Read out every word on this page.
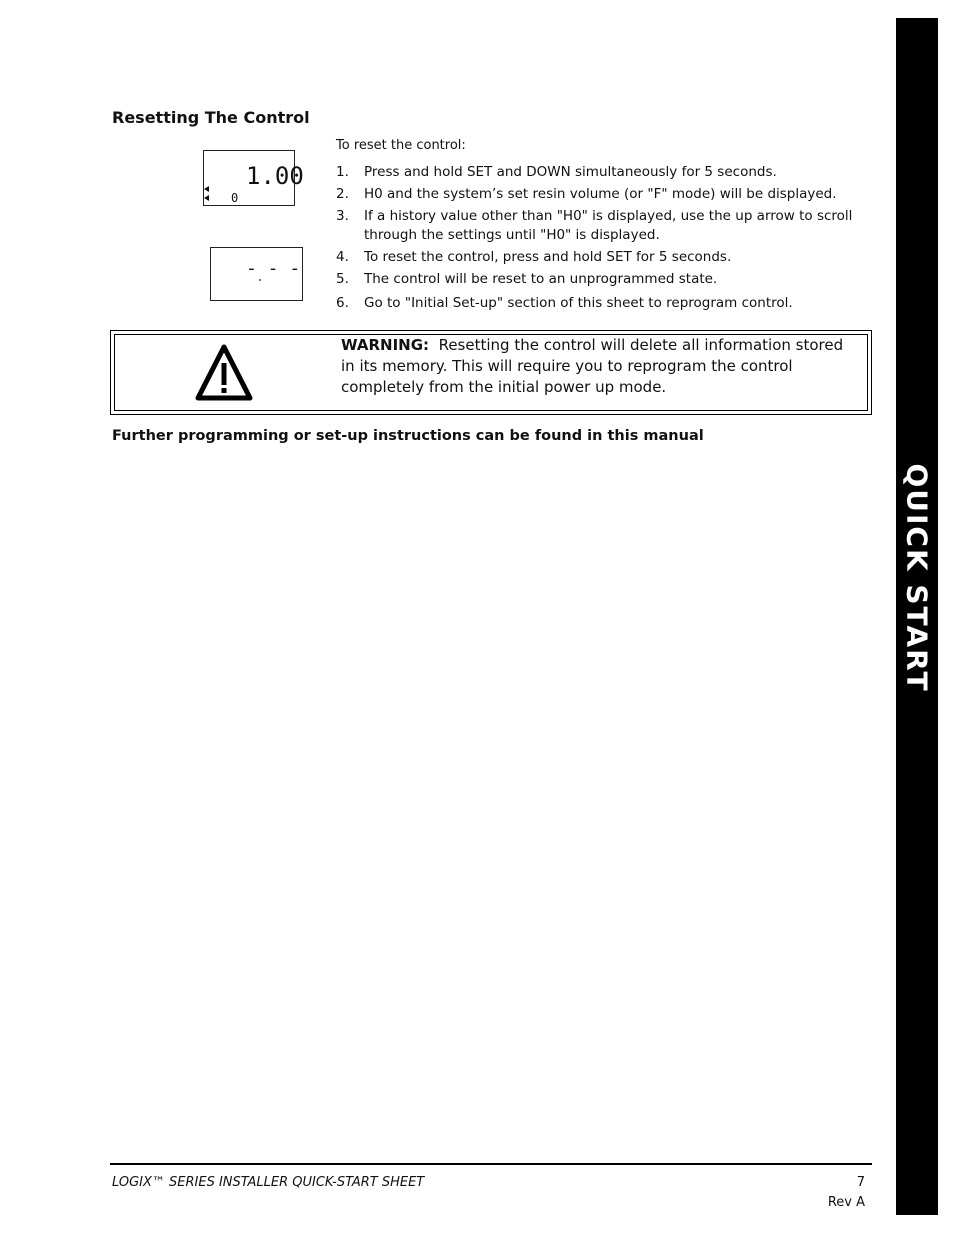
QUICK START
Resetting The Control
To reset the control:
1. Press and hold SET and DOWN simultaneously for 5 seconds.
2. H0 and the system’s set resin volume (or "F" mode) will be displayed.
3. If a history value other than "H0" is displayed, use the up arrow to scroll through the settings until "H0" is displayed.
4. To reset the control, press and hold SET for 5 seconds.
5. The control will be reset to an unprogrammed state.
6. Go to "Initial Set-up" section of this sheet to reprogram control.
1.00
0
- - -
WARNING: Resetting the control will delete all information stored in its memory. This will require you to reprogram the control completely from the initial power up mode.
Further programming or set-up instructions can be found in this manual
LOGIX™ SERIES INSTALLER QUICK-START SHEET	7
Rev A
